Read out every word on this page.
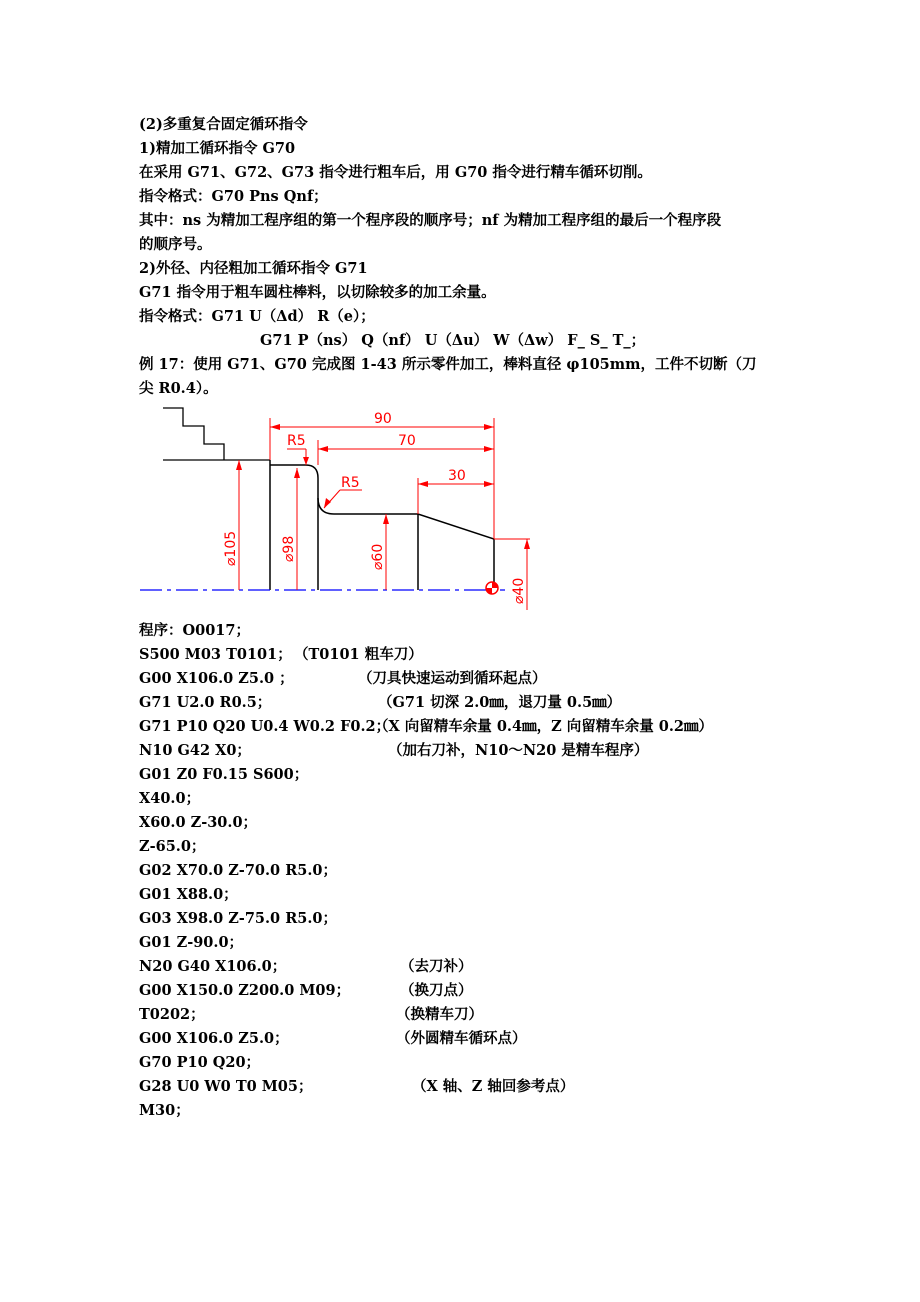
(2)多重复合固定循环指令
1)精加工循环指令 G70
在采用 G71、G72、G73 指令进行粗车后，用 G70 指令进行精车循环切削。
指令格式：G70 Pns Qnf；
其中：ns 为精加工程序组的第一个程序段的顺序号；nf 为精加工程序组的最后一个程序段
的顺序号。
2)外径、内径粗加工循环指令 G71
G71 指令用于粗车圆柱棒料，以切除较多的加工余量。
指令格式：G71 U（Δd） R（e）；
G71 P（ns） Q（nf） U（Δu） W（Δw） F_ S_ T_；
例 17：使用 G71、G70 完成图 1-43 所示零件加工，棒料直径 φ105mm，工件不切断（刀
尖 R0.4）。
90
70
30
R5
R5
⌀105	⌀98	⌀60
⌀40
程序：O0017；
S500 M03 T0101； （T0101 粗车刀）
G00 X106.0 Z5.0 ；	（刀具快速运动到循环起点）
G71 U2.0 R0.5；	（G71 切深 2.0㎜，退刀量 0.5㎜）
G71 P10 Q20 U0.4 W0.2 F0.2；
（X 向留精车余量 0.4㎜，Z 向留精车余量 0.2㎜）
N10 G42 X0；	（加右刀补，N10～N20 是精车程序）
G01 Z0 F0.15 S600；
X40.0；
X60.0 Z-30.0；
Z-65.0；
G02 X70.0 Z-70.0 R5.0；
G01 X88.0；
G03 X98.0 Z-75.0 R5.0；
G01 Z-90.0；
N20 G40 X106.0；	（去刀补）
G00 X150.0 Z200.0 M09；	（换刀点）
T0202；	（换精车刀）
G00 X106.0 Z5.0；	（外圆精车循环点）
G70 P10 Q20；
G28 U0 W0 T0 M05；	（X 轴、Z 轴回参考点）
M30；
